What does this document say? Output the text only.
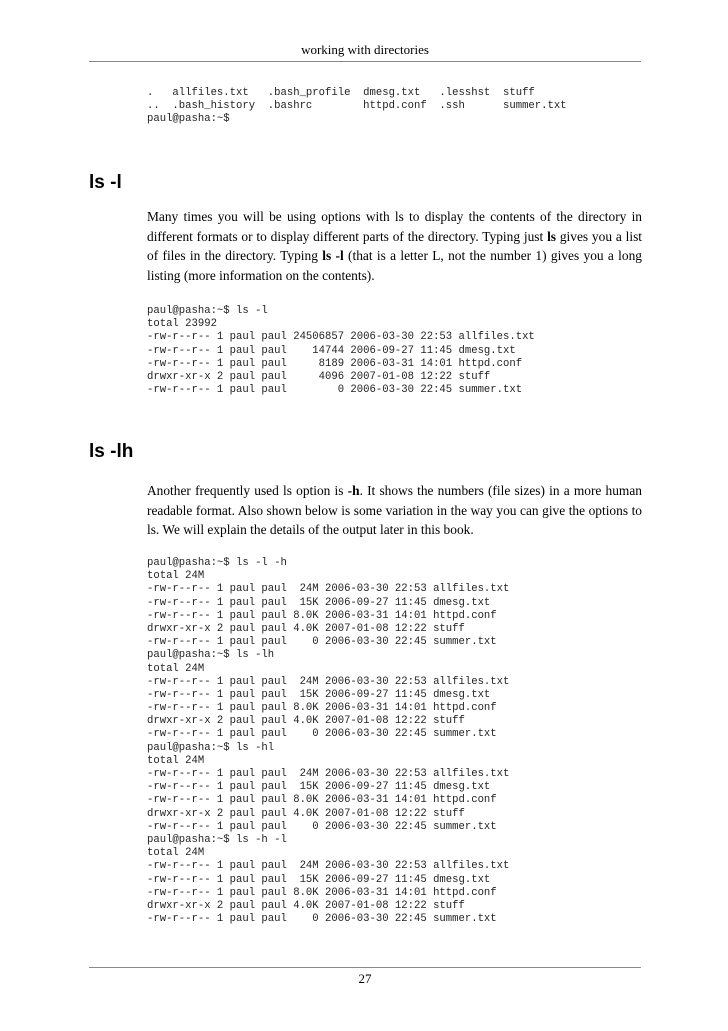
working with directories
.   allfiles.txt   .bash_profile  dmesg.txt   .lesshst  stuff
..  .bash_history  .bashrc        httpd.conf  .ssh      summer.txt
paul@pasha:~$
ls -l

Many times you will be using options with ls to display the contents of the directory in different formats or to display different parts of the directory. Typing just ls gives you a list of files in the directory. Typing ls -l (that is a letter L, not the number 1) gives you a long listing (more information on the contents).

paul@pasha:~$ ls -l
total 23992
-rw-r--r-- 1 paul paul 24506857 2006-03-30 22:53 allfiles.txt
-rw-r--r-- 1 paul paul    14744 2006-09-27 11:45 dmesg.txt
-rw-r--r-- 1 paul paul     8189 2006-03-31 14:01 httpd.conf
drwxr-xr-x 2 paul paul     4096 2007-01-08 12:22 stuff
-rw-r--r-- 1 paul paul        0 2006-03-30 22:45 summer.txt
ls -lh

Another frequently used ls option is -h. It shows the numbers (file sizes) in a more human readable format. Also shown below is some variation in the way you can give the options to ls. We will explain the details of the output later in this book.

paul@pasha:~$ ls -l -h
total 24M
-rw-r--r-- 1 paul paul  24M 2006-03-30 22:53 allfiles.txt
-rw-r--r-- 1 paul paul  15K 2006-09-27 11:45 dmesg.txt
-rw-r--r-- 1 paul paul 8.0K 2006-03-31 14:01 httpd.conf
drwxr-xr-x 2 paul paul 4.0K 2007-01-08 12:22 stuff
-rw-r--r-- 1 paul paul    0 2006-03-30 22:45 summer.txt
paul@pasha:~$ ls -lh
total 24M
-rw-r--r-- 1 paul paul  24M 2006-03-30 22:53 allfiles.txt
-rw-r--r-- 1 paul paul  15K 2006-09-27 11:45 dmesg.txt
-rw-r--r-- 1 paul paul 8.0K 2006-03-31 14:01 httpd.conf
drwxr-xr-x 2 paul paul 4.0K 2007-01-08 12:22 stuff
-rw-r--r-- 1 paul paul    0 2006-03-30 22:45 summer.txt
paul@pasha:~$ ls -hl
total 24M
-rw-r--r-- 1 paul paul  24M 2006-03-30 22:53 allfiles.txt
-rw-r--r-- 1 paul paul  15K 2006-09-27 11:45 dmesg.txt
-rw-r--r-- 1 paul paul 8.0K 2006-03-31 14:01 httpd.conf
drwxr-xr-x 2 paul paul 4.0K 2007-01-08 12:22 stuff
-rw-r--r-- 1 paul paul    0 2006-03-30 22:45 summer.txt
paul@pasha:~$ ls -h -l
total 24M
-rw-r--r-- 1 paul paul  24M 2006-03-30 22:53 allfiles.txt
-rw-r--r-- 1 paul paul  15K 2006-09-27 11:45 dmesg.txt
-rw-r--r-- 1 paul paul 8.0K 2006-03-31 14:01 httpd.conf
drwxr-xr-x 2 paul paul 4.0K 2007-01-08 12:22 stuff
-rw-r--r-- 1 paul paul    0 2006-03-30 22:45 summer.txt
27
